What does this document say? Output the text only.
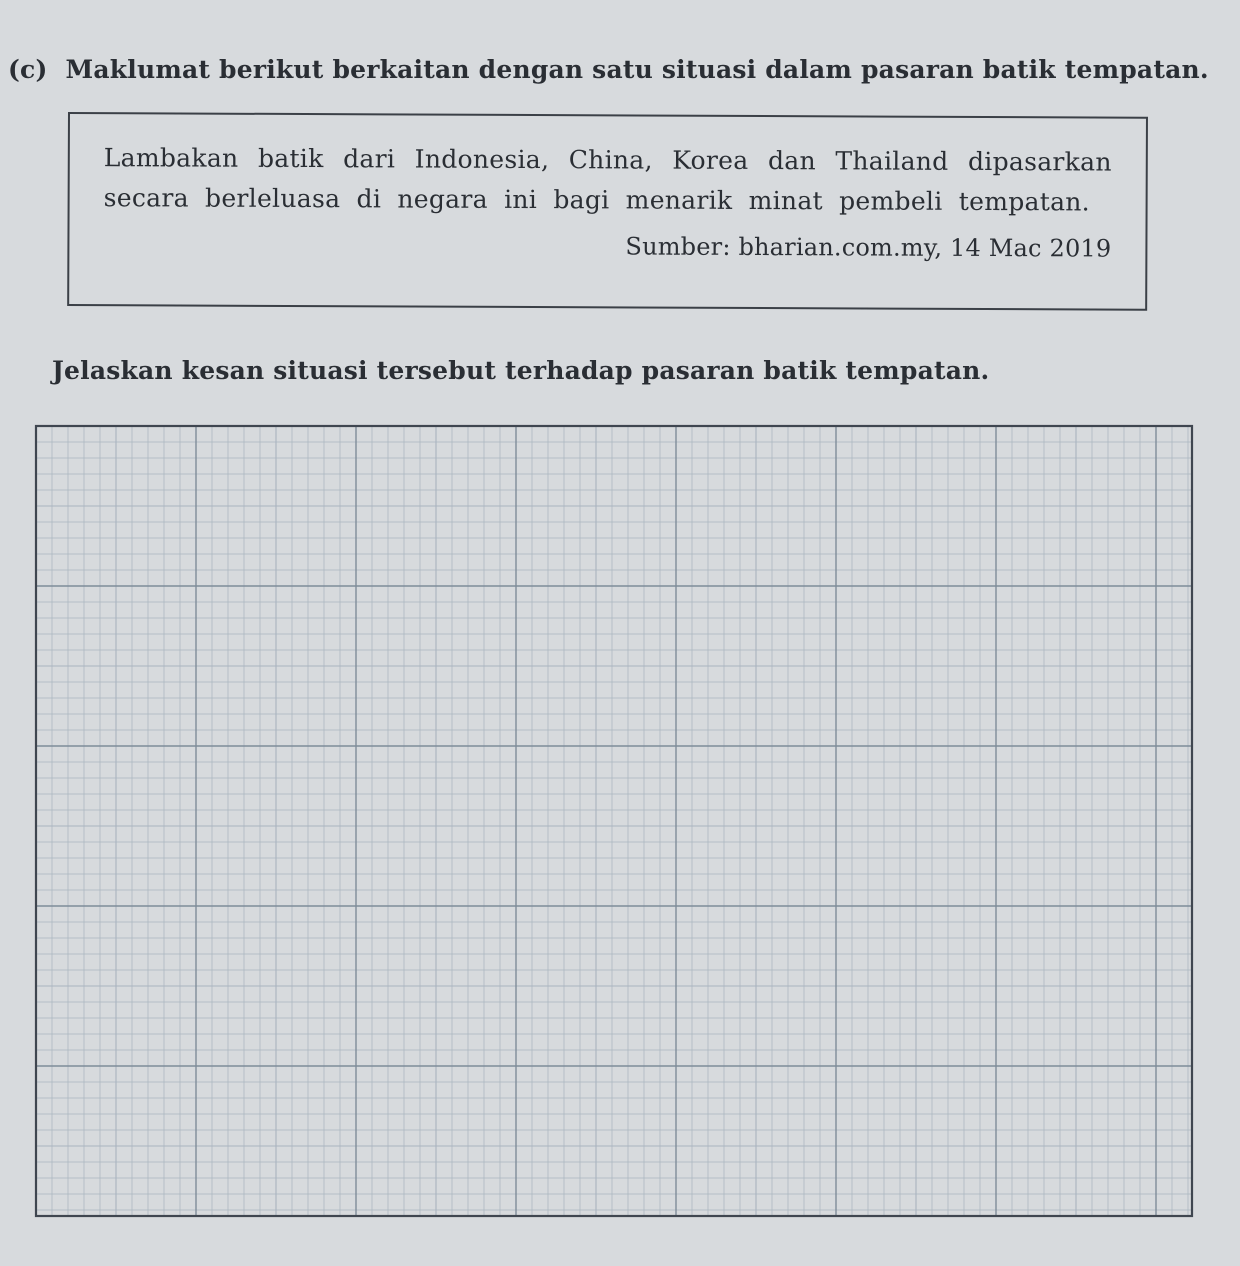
(c) Maklumat berikut berkaitan dengan satu situasi dalam pasaran batik tempatan.
Lambakan batik dari Indonesia, China, Korea dan Thailand dipasarkan secara berleluasa di negara ini bagi menarik minat pembeli tempatan.
Sumber: bharian.com.my, 14 Mac 2019
Jelaskan kesan situasi tersebut terhadap pasaran batik tempatan.
